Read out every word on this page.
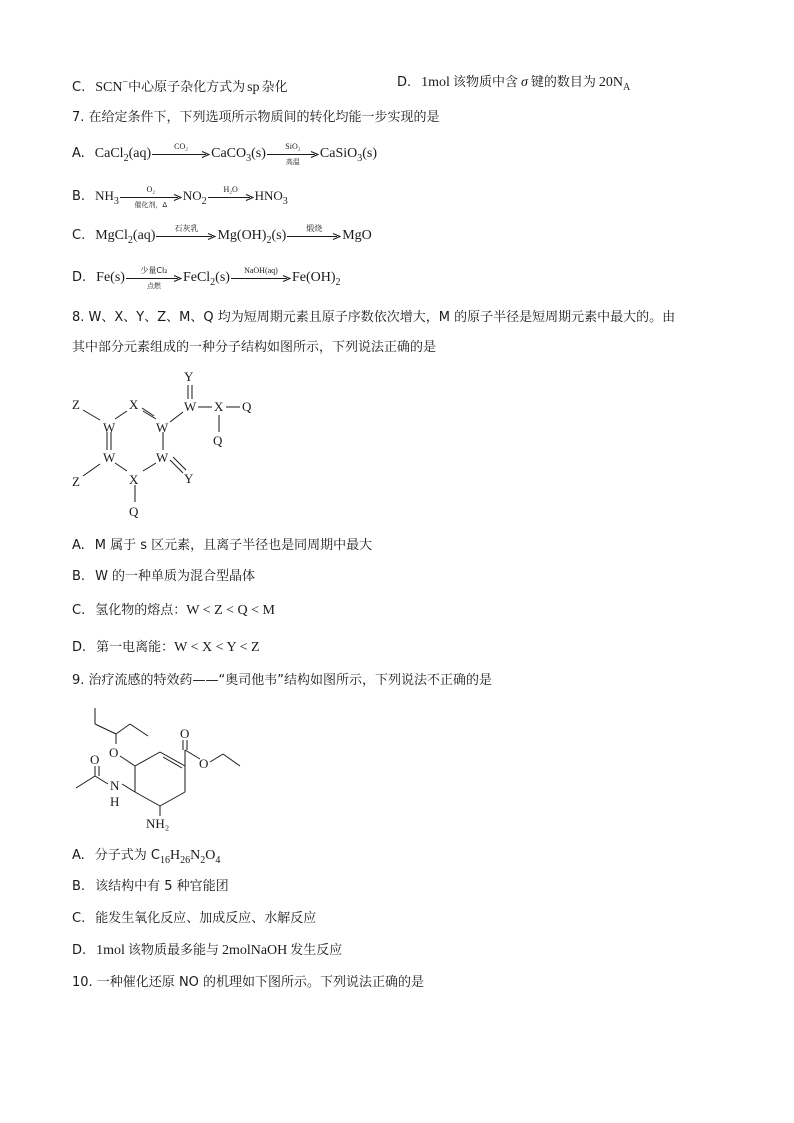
C. SCN−中心原子杂化方式为 sp 杂化	D. 1mol 该物质中含 σ 键的数目为 $20N_A$
7. 在给定条件下，下列选项所示物质间的转化均能一步实现的是
A. CaCl$_2$(aq)	CO₂	CaCO$_3$(s)	SiO₂
高温
CaSiO$_3$(s)
B. $NH_3$
O₂
催化剂，Δ
$NO_2$
H₂O	$HNO_3$
C. MgCl$_2$(aq)	石灰乳	$Mg(OH)_2(s)$	煅烧	MgO
D. Fe(s)	少量Cl₂
点燃
FeCl$_2$(s)	NaOH(aq)	$Fe(OH)_2$
8. W、X、Y、Z、M、Q 均为短周期元素且原子序数依次增大，M 的原子半径是短周期元素中最大的。由
其中部分元素组成的一种分子结构如图所示，下列说法正确的是
W
X
W
W
X
W
Z
Z
Q
W
Y
X Q
Q
Y
A. M 属于 s 区元素，且离子半径也是同周期中最大
B. W 的一种单质为混合型晶体
C. 氢化物的熔点：W < Z < Q < M
D. 第一电离能：W < X < Y < Z
9. 治疗流感的特效药——“奥司他韦”结构如图所示，下列说法不正确的是
O
O
O
O
N
H
NH₂
A. 分子式为 $C_{16}H_{26}N_2O_4$
B. 该结构中有 5 种官能团
C. 能发生氧化反应、加成反应、水解反应
D. 1mol 该物质最多能与 2molNaOH 发生反应
10. 一种催化还原 NO 的机理如下图所示。下列说法正确的是
